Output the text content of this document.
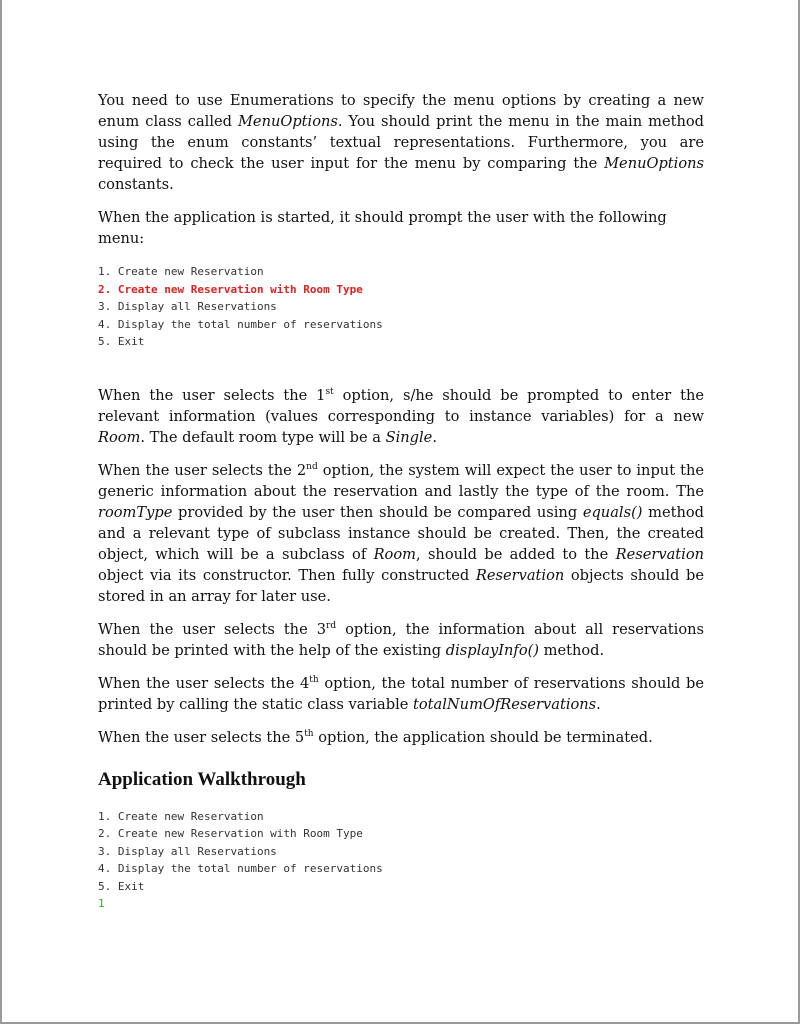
You need to use Enumerations to specify the menu options by creating a new enum class called MenuOptions. You should print the menu in the main method using the enum constants’ textual representations. Furthermore, you are required to check the user input for the menu by comparing the MenuOptions constants.

When the application is started, it should prompt the user with the following menu:

1. Create new Reservation
2. Create new Reservation with Room Type
3. Display all Reservations
4. Display the total number of reservations
5. Exit

When the user selects the 1st option, s/he should be prompted to enter the relevant information (values corresponding to instance variables) for a new Room. The default room type will be a Single.

When the user selects the 2nd option, the system will expect the user to input the generic information about the reservation and lastly the type of the room. The roomType provided by the user then should be compared using equals() method and a relevant type of subclass instance should be created. Then, the created object, which will be a subclass of Room, should be added to the Reservation object via its constructor. Then fully constructed Reservation objects should be stored in an array for later use.

When the user selects the 3rd option, the information about all reservations should be printed with the help of the existing displayInfo() method.

When the user selects the 4th option, the total number of reservations should be printed by calling the static class variable totalNumOfReservations.

When the user selects the 5th option, the application should be terminated.

Application Walkthrough
1. Create new Reservation
2. Create new Reservation with Room Type
3. Display all Reservations
4. Display the total number of reservations
5. Exit
1
